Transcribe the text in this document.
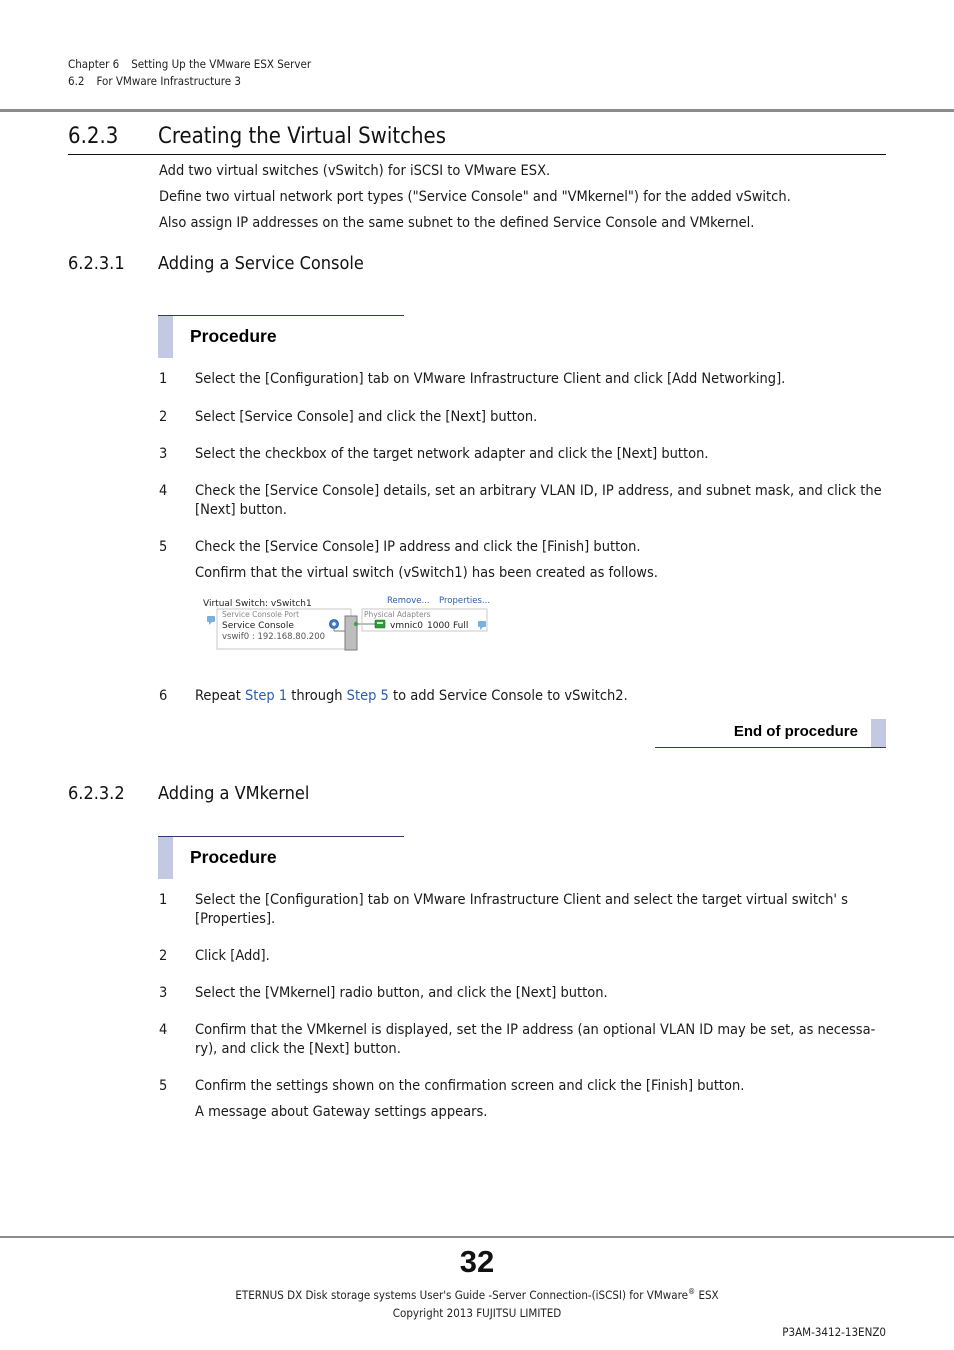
Chapter 6 Setting Up the VMware ESX Server
6.2 For VMware Infrastructure 3
6.2.3 Creating the Virtual Switches
Add two virtual switches (vSwitch) for iSCSI to VMware ESX.
Define two virtual network port types ("Service Console" and "VMkernel") for the added vSwitch.
Also assign IP addresses on the same subnet to the defined Service Console and VMkernel.
6.2.3.1 Adding a Service Console
Procedure
1 Select the [Configuration] tab on VMware Infrastructure Client and click [Add Networking].
2 Select [Service Console] and click the [Next] button.
3 Select the checkbox of the target network adapter and click the [Next] button.
4 Check the [Service Console] details, set an arbitrary VLAN ID, IP address, and subnet mask, and click the [Next] button.
5 Check the [Service Console] IP address and click the [Finish] button.
Confirm that the virtual switch (vSwitch1) has been created as follows.
Virtual Switch: vSwitch1	Remove... Properties...
Service Console Port
Service Console
vswif0 : 192.168.80.200
Physical Adapters
vmnic0 1000 Full
6 Repeat Step 1 through Step 5 to add Service Console to vSwitch2.
End of procedure
6.2.3.2 Adding a VMkernel
Procedure
1 Select the [Configuration] tab on VMware Infrastructure Client and select the target virtual switch' s [Properties].
2 Click [Add].
3 Select the [VMkernel] radio button, and click the [Next] button.
4 Confirm that the VMkernel is displayed, set the IP address (an optional VLAN ID may be set, as necessa-ry), and click the [Next] button.
5 Confirm the settings shown on the confirmation screen and click the [Finish] button.
A message about Gateway settings appears.
32
ETERNUS DX Disk storage systems User's Guide -Server Connection-(iSCSI) for VMware® ESX
Copyright 2013 FUJITSU LIMITED
P3AM-3412-13ENZ0
